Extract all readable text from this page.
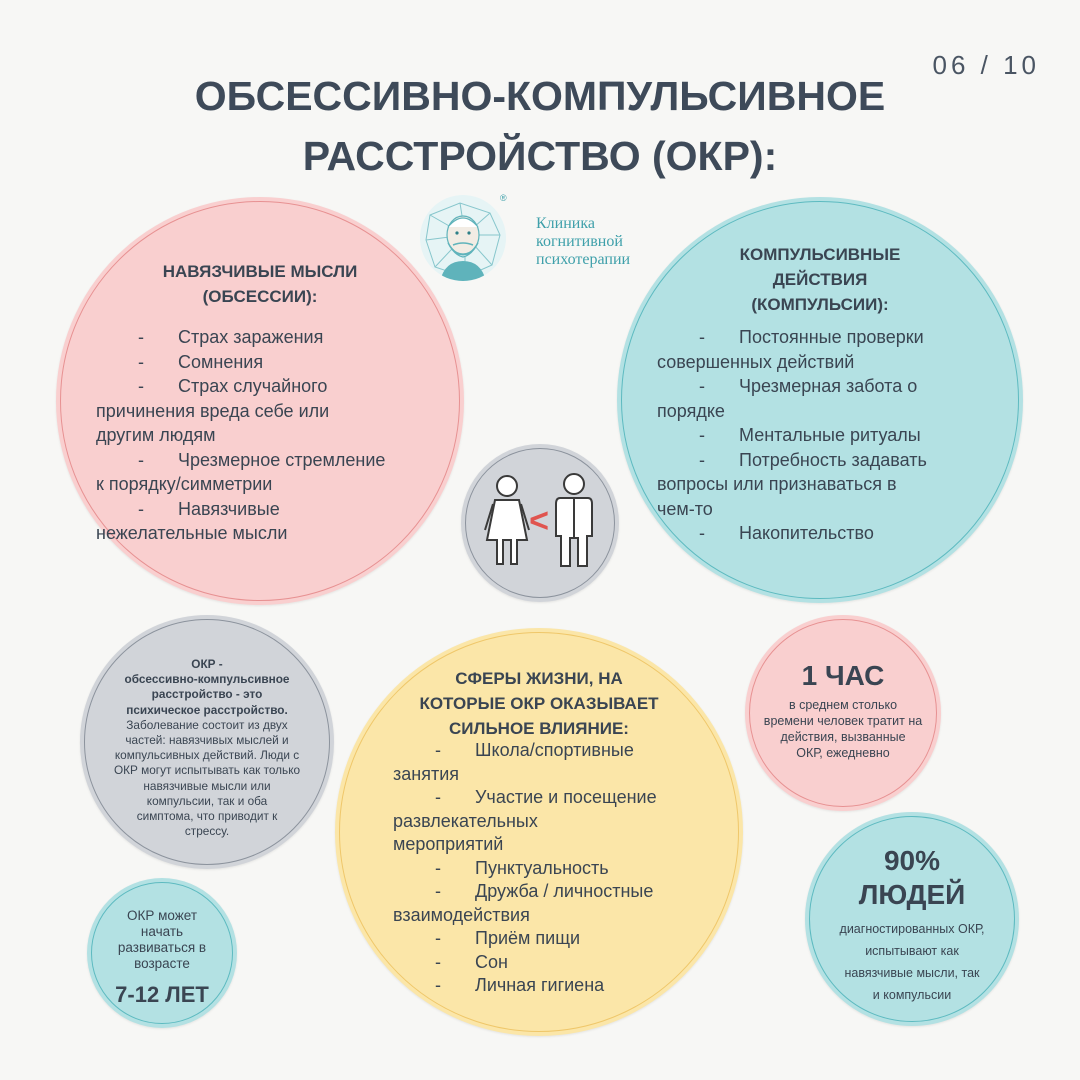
06 / 10
ОБСЕССИВНО-КОМПУЛЬСИВНОЕ
РАССТРОЙСТВО (ОКР):
®
Клиника
когнитивной
психотерапии
НАВЯЗЧИВЫЕ МЫСЛИ
(ОБСЕССИИ):
- Страх заражения
- Сомнения
- Страх случайного
причинения вреда себе или
другим людям
- Чрезмерное стремление
к порядку/симметрии
- Навязчивые
нежелательные мысли
КОМПУЛЬСИВНЫЕ
ДЕЙСТВИЯ
(КОМПУЛЬСИИ):
- Постоянные проверки
совершенных действий
- Чрезмерная забота о
порядке
- Ментальные ритуалы
- Потребность задавать
вопросы или признаваться в
чем-то
- Накопительство
<
ОКР -
обсессивно-компульсивное
расстройство - это
психическое расстройство.
Заболевание состоит из двух
частей: навязчивых мыслей и
компульсивных действий. Люди с
ОКР могут испытывать как только
навязчивые мысли или
компульсии, так и оба
симптома, что приводит к
стрессу.
СФЕРЫ ЖИЗНИ, НА
КОТОРЫЕ ОКР ОКАЗЫВАЕТ
СИЛЬНОЕ ВЛИЯНИЕ:
- Школа/спортивные
занятия
- Участие и посещение
развлекательных
мероприятий
- Пунктуальность
- Дружба / личностные
взаимодействия
- Приём пищи
- Сон
- Личная гигиена
1 ЧАС
в среднем столько
времени человек тратит на
действия, вызванные
ОКР, ежедневно
90%
ЛЮДЕЙ
диагностированных ОКР,
испытывают как
навязчивые мысли, так
и компульсии
ОКР может
начать
развиваться в
возрасте
7-12 ЛЕТ
